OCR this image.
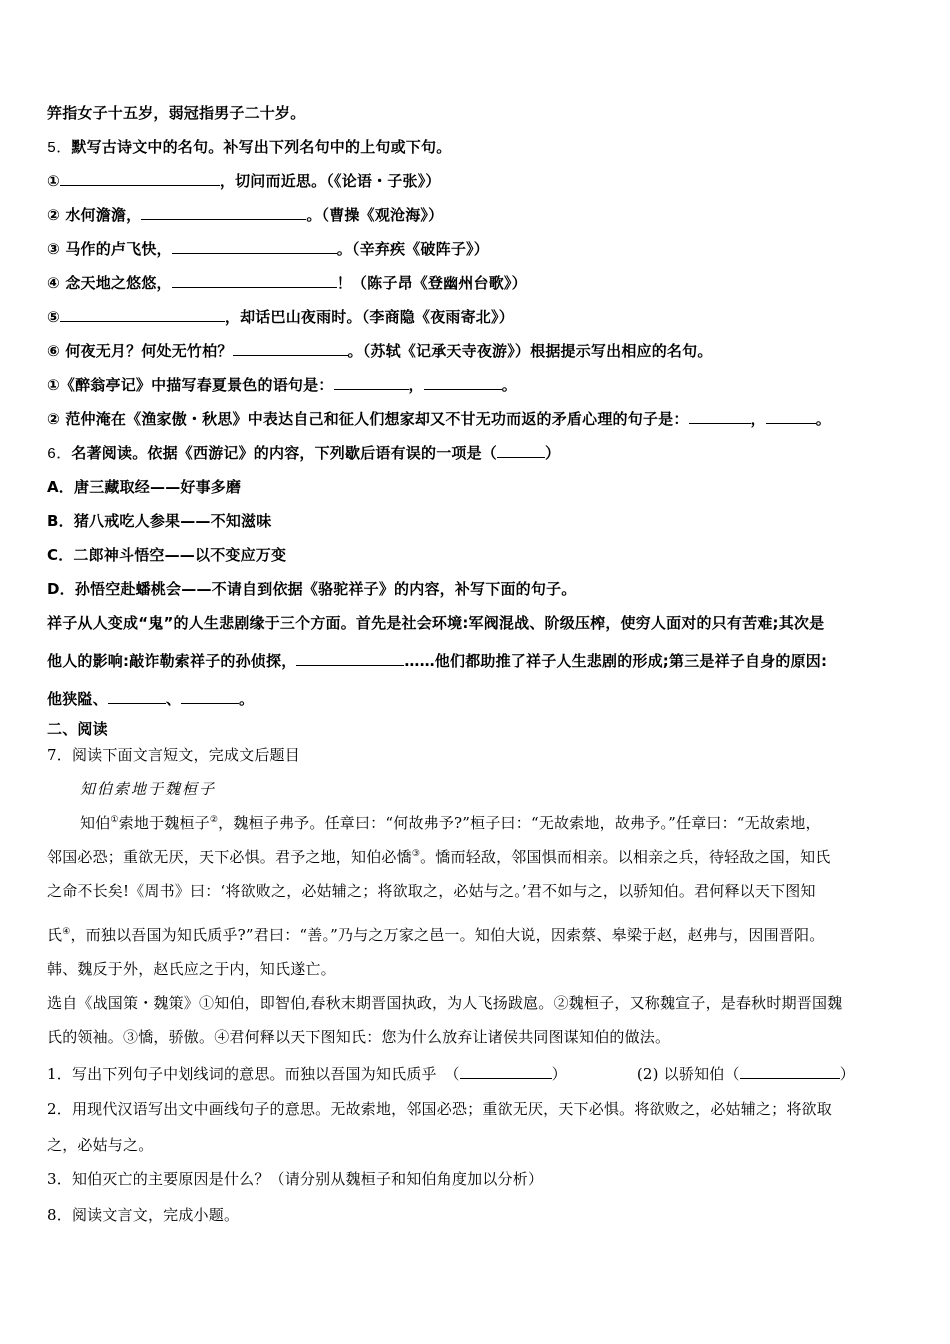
笄指女子十五岁，弱冠指男子二十岁。
5．默写古诗文中的名句。补写出下列名句中的上句或下句。
①	，切问而近思。（《论语・子张》）
② 水何澹澹，	。（曹操《观沧海》）
③ 马作的卢飞快，	。（辛弃疾《破阵子》）
④ 念天地之悠悠，	！（陈子昂《登幽州台歌》）
⑤	，却话巴山夜雨时。（李商隐《夜雨寄北》）
⑥ 何夜无月？何处无竹柏？	。（苏轼《记承天寺夜游》）根据提示写出相应的名句。
①《醉翁亭记》中描写春夏景色的语句是：	，	。
② 范仲淹在《渔家傲・秋思》中表达自己和征人们想家却又不甘无功而返的矛盾心理的句子是：	，	。
6．名著阅读。依据《西游记》的内容，下列歇后语有误的一项是（	）
A．唐三藏取经——好事多磨
B．猪八戒吃人参果——不知滋味
C．二郎神斗悟空——以不变应万变
D．孙悟空赴蟠桃会——不请自到依据《骆驼祥子》的内容，补写下面的句子。
祥子从人变成“鬼”的人生悲剧缘于三个方面。首先是社会环境:军阀混战、阶级压榨，使穷人面对的只有苦难;其次是
他人的影响:敲诈勒索祥子的孙侦探，	……他们都助推了祥子人生悲剧的形成;第三是祥子自身的原因:
他狭隘、	、	。
二、阅读
7．阅读下面文言短文，完成文后题目
知伯索地于魏桓子
知伯①索地于魏桓子②，魏桓子弗予。任章曰：“何故弗予?”桓子曰：“无故索地，故弗予。”任章曰：“无故索地，
邻国必恐；重欲无厌，天下必惧。君予之地，知伯必憍③。憍而轻敌，邻国惧而相亲。以相亲之兵，待轻敌之国，知氏
之命不长矣!《周书》曰：‘将欲败之，必姑辅之；将欲取之，必姑与之。’君不如与之，以骄知伯。君何释以天下图知
氏④，而独以吾国为知氏质乎?”君曰：“善。”乃与之万家之邑一。知伯大说，因索蔡、皋梁于赵，赵弗与，因围晋阳。
韩、魏反于外，赵氏应之于内，知氏遂亡。
选自《战国策・魏策》①知伯，即智伯,春秋末期晋国执政，为人飞扬跋扈。②魏桓子，又称魏宣子，是春秋时期晋国魏
氏的领袖。③憍，骄傲。④君何释以天下图知氏：您为什么放弃让诸侯共同图谋知伯的做法。
1．写出下列句子中划线词的意思。而独以吾国为知氏质乎　（	）	(2) 以骄知伯（	）
2．用现代汉语写出文中画线句子的意思。无故索地，邻国必恐；重欲无厌，天下必惧。将欲败之，必姑辅之；将欲取
之，必姑与之。
3．知伯灭亡的主要原因是什么？（请分别从魏桓子和知伯角度加以分析）
8．阅读文言文，完成小题。
